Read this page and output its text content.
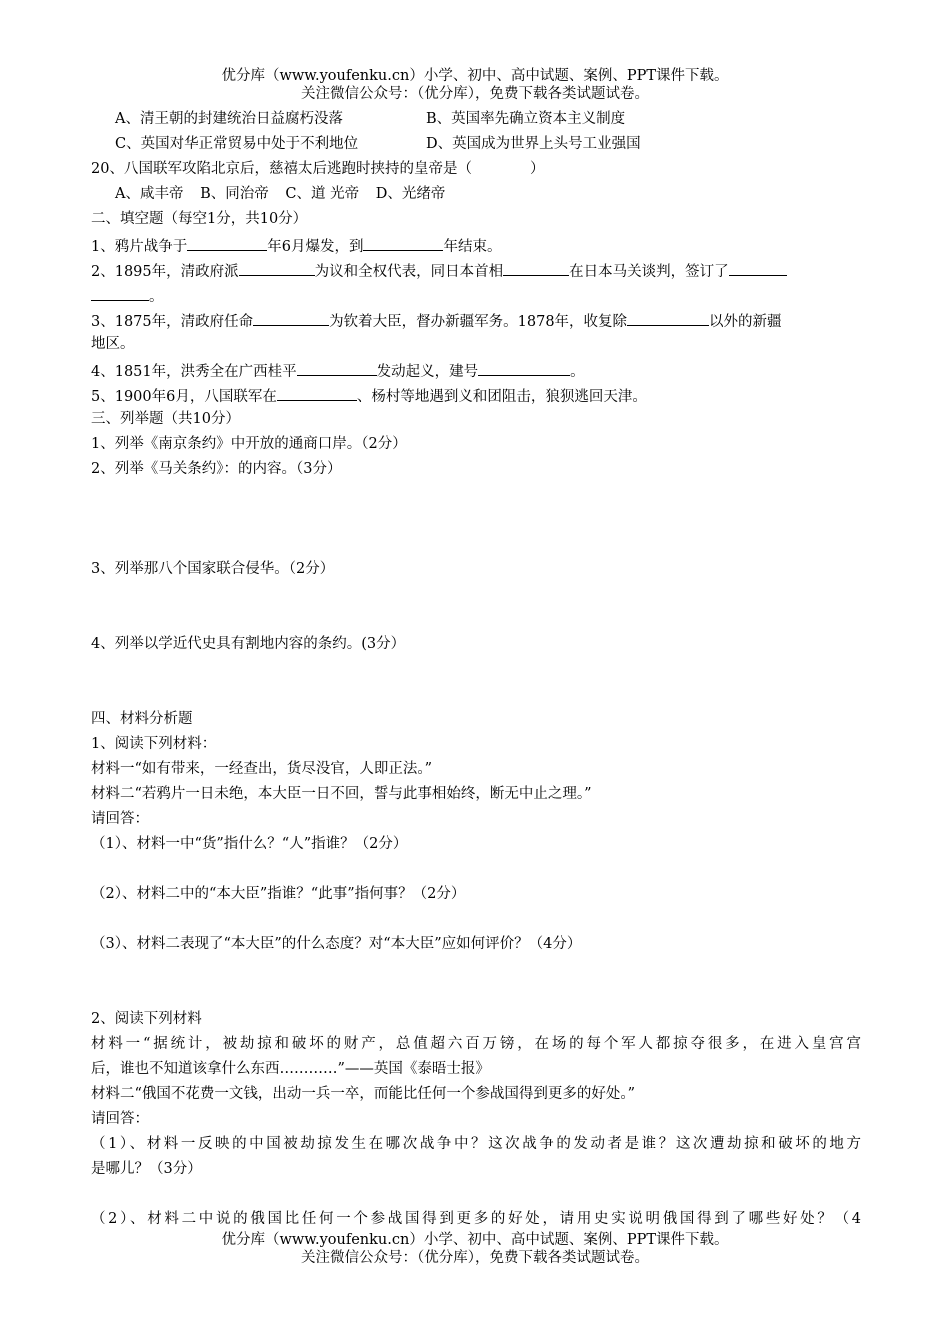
优分库（www.youfenku.cn）小学、初中、高中试题、案例、PPT课件下载。
关注微信公众号：（优分库），免费下载各类试题试卷。
A、清王朝的封建统治日益腐朽没落	B、英国率先确立资本主义制度
C、英国对华正常贸易中处于不利地位	D、英国成为世界上头号工业强国
20、八国联军攻陷北京后，慈禧太后逃跑时挟持的皇帝是（　　　　）
A、咸丰帝 B、同治帝 C、道 光帝 D、光绪帝
二、填空题（每空1分，共10分）
1、鸦片战争于	年6月爆发，到	年结束。
2、1895年，清政府派	为议和全权代表，同日本首相	在日本马关谈判，签订了
。
3、1875年，清政府任命	为钦着大臣，督办新疆军务。1878年，收复除	以外的新疆
地区。
4、1851年，洪秀全在广西桂平	发动起义，建号	。
5、1900年6月，八国联军在	、杨村等地遇到义和团阻击，狼狈逃回天津。
三、列举题（共10分）
1、列举《南京条约》中开放的通商口岸。（2分）
2、列举《马关条约》：的内容。（3分）
3、列举那八个国家联合侵华。（2分）
4、列举以学近代史具有割地内容的条约。(3分）
四、材料分析题
1、阅读下列材料：
材料一“如有带来，一经查出，货尽没官，人即正法。”
材料二“若鸦片一日未绝，本大臣一日不回，誓与此事相始终，断无中止之理。”
请回答：
（1）、材料一中“货”指什么？“人”指谁？（2分）
（2）、材料二中的“本大臣”指谁？“此事”指何事？（2分）
（3）、材料二表现了“本大臣”的什么态度？对“本大臣”应如何评价？（4分）
2、阅读下列材料
材料一“据统计，被劫掠和破坏的财产，总值超六百万镑，在场的每个军人都掠夺很多，在进入皇宫宫
后，谁也不知道该拿什么东西…………”——英国《泰晤士报》
材料二“俄国不花费一文钱，出动一兵一卒，而能比任何一个参战国得到更多的好处。”
请回答：
（1）、材料一反映的中国被劫掠发生在哪次战争中？这次战争的发动者是谁？这次遭劫掠和破坏的地方
是哪儿？（3分）
（2）、材料二中说的俄国比任何一个参战国得到更多的好处，请用史实说明俄国得到了哪些好处？（4
优分库（www.youfenku.cn）小学、初中、高中试题、案例、PPT课件下载。
关注微信公众号：（优分库），免费下载各类试题试卷。
